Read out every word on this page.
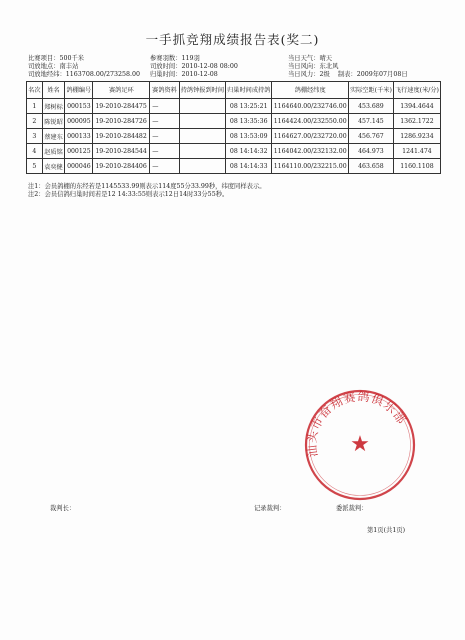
一手抓竞翔成绩报告表(奖二)
比赛项目：500千米
司放地点：南丰站
司放地经纬：1163708.00/273258.00
参赛羽数：119羽
司放时间：2010-12-08 08:00
归巢时间：2010-12-08
当日天气：晴天
当日风向：东北风
当日风力：2级 制表：2009年07月08日
名次	姓名	鸽棚编号	赛鸽足环	赛鸽资料	持鸽钟报到时间	归巢时间成持鸽	鸽棚经纬度	实际空距(千米)	飞行速度(米/分)
1	郑树标	000153	19-2010-284475	—		08 13:25:21	1164640.00/232746.00	453.689	1394.4644
2	陈锐昭	000095	19-2010-284726	—		08 13:35:36	1164424.00/232550.00	457.145	1362.1722
3	蔡建东	000133	19-2010-284482	—		08 13:53:09	1164627.00/232720.00	456.767	1286.9234
4	赵质铭	000125	19-2010-284544	—		08 14:14:32	1164042.00/232132.00	464.973	1241.474
5	袁奕健	000046	19-2010-284406	—		08 14:14:33	1164110.00/232215.00	463.658	1160.1108
注1：会员鸽棚的东经若是1145533.99则表示114度55分33.99秒，纬度同样表示。
注2：会员信鸽归巢时间若是12 14:33:55则表示12日14时33分55秒。
汕头市奋翔赛鸽俱乐部
★
裁判长：	记录裁判：	委派裁判：
第1页(共1页)
